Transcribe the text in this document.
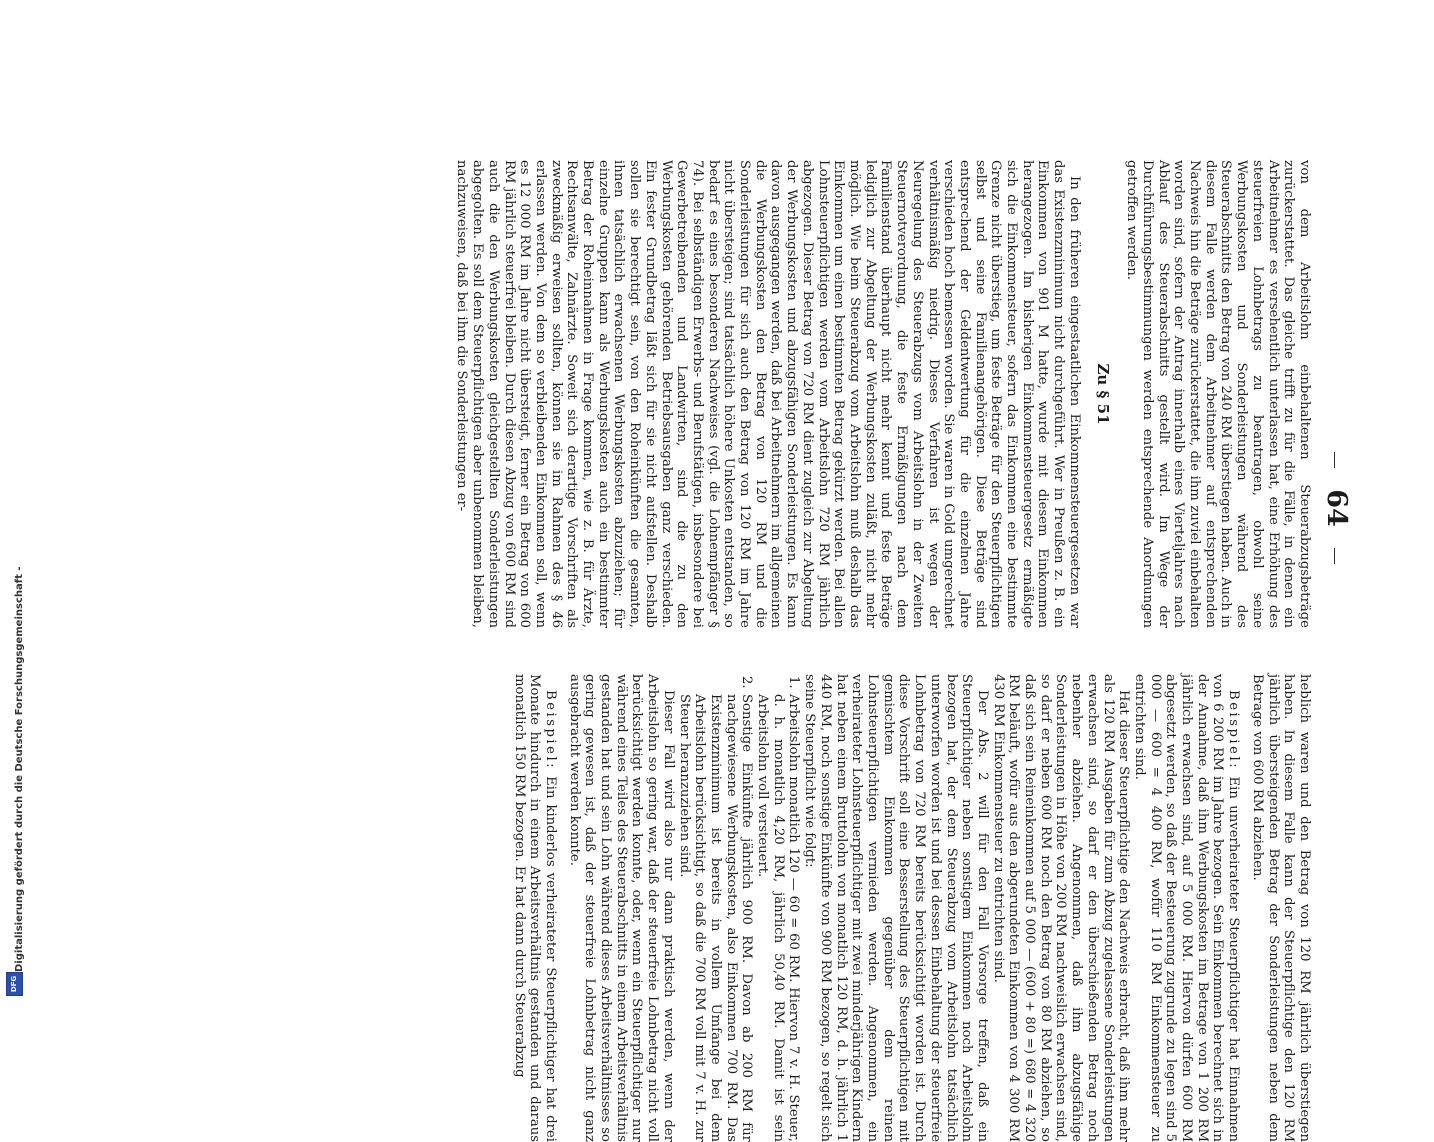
64

von dem Arbeitslohn einbehaltenen Steuerabzugsbeträge zurückerstattet. Das gleiche trifft zu für die Fälle, in denen ein Arbeitnehmer es versehentlich unterlassen hat, eine Erhöhung des steuerfreien Lohnbetrags zu beantragen, obwohl seine Werbungskosten und Sonderleistungen während des Steuerabschnitts den Betrag von 240 RM überstiegen haben. Auch in diesem Falle werden dem Arbeitnehmer auf entsprechenden Nachweis hin die Beträge zurückerstattet, die ihm zuviel einbehalten worden sind, sofern der Antrag innerhalb eines Vierteljahres nach Ablauf des Steuerabschnitts gestellt wird. Im Wege der Durchführungsbestimmungen werden entsprechende Anordnungen getroffen werden.

Zu § 51

In den früheren eingestaatlichen Einkommensteuergesetzen war das Existenzminimum nicht durchgeführt. Wer in Preußen z. B. ein Einkommen von 901 M hatte, wurde mit diesem Einkommen herangezogen. Im bisherigen Einkommensteuergesetz ermäßigte sich die Einkommensteuer, sofern das Einkommen eine bestimmte Grenze nicht überstieg, um feste Beträge für den Steuerpflichtigen selbst und seine Familienangehörigen. Diese Beträge sind entsprechend der Geldentwertung für die einzelnen Jahre verschieden hoch bemessen worden. Sie waren in Gold umgerechnet verhältnismäßig niedrig. Dieses Verfahren ist wegen der Neuregelung des Steuerabzugs vom Arbeitslohn in der Zweiten Steuernotverordnung, die feste Ermäßigungen nach dem Familienstand überhaupt nicht mehr kennt und feste Beträge lediglich zur Abgeltung der Werbungskosten zuläßt, nicht mehr möglich. Wie beim Steuerabzug vom Arbeitslohn muß deshalb das Einkommen um einen bestimmten Betrag gekürzt werden. Bei allen Lohnsteuerpflichtigen werden vom Arbeitslohn 720 RM jährlich abgezogen. Dieser Betrag von 720 RM dient zugleich zur Abgeltung der Werbungskosten und abzugsfähigen Sonderleistungen. Es kann davon ausgegangen werden, daß bei Arbeitnehmern im allgemeinen die Werbungskosten den Betrag von 120 RM und die Sonderleistungen für sich auch den Betrag von 120 RM im Jahre nicht übersteigen; sind tatsächlich höhere Unkosten entstanden, so bedarf es eines besonderen Nachweises (vgl. die Lohnempfänger § 74). Bei selbständigen Erwerbs- und Berufstätigen, insbesondere bei Gewerbetreibenden und Landwirten, sind die zu den Werbungskosten gehörenden Betriebsausgaben ganz verschieden. Ein fester Grundbetrag läßt sich für sie nicht aufstellen. Deshalb sollen sie berechtigt sein, von den Roheinkünften die gesamten, ihnen tatsächlich erwachsenen Werbungskosten abzuziehen; für einzelne Gruppen kann als Werbungskosten auch ein bestimmter Betrag der Roheinnahmen in Frage kommen, wie z. B. für Ärzte, Rechtsanwälte, Zahnärzte. Soweit sich derartige Vorschriften als zweckmäßig erweisen sollten, können sie im Rahmen des § 46 erlassen werden. Von dem so verbleibenden Einkommen soll, wenn es 12 000 RM im Jahre nicht übersteigt, ferner ein Betrag von 600 RM jährlich steuerfrei bleiben. Durch diesen Abzug von 600 RM sind auch die den Werbungskosten gleichgestellten Sonderleistungen abgegolten. Es soll dem Steuerpflichtigen aber unbenommen bleiben, nachzuweisen, daß bei ihm die Sonderleistungen er-

heblich waren und den Betrag von 120 RM jährlich überstiegen haben. In diesem Falle kann der Steuerpflichtige den 120 RM jährlich übersteigenden Betrag der Sonderleistungen neben dem Betrage von 600 RM abziehen.

Beispiel: Ein unverheirateter Steuerpflichtiger hat Einnahmen von 6 200 RM im Jahre bezogen. Sein Einkommen berechnet sich in der Annahme, daß ihm Werbungskosten im Betrage von 1 200 RM jährlich erwachsen sind, auf 5 000 RM. Hiervon dürfen 600 RM abgesetzt werden, so daß der Besteuerung zugrunde zu legen sind 5 000 — 600 = 4 400 RM, wofür 110 RM Einkommensteuer zu entrichten sind.

Hat dieser Steuerpflichtige den Nachweis erbracht, daß ihm mehr als 120 RM Ausgaben für zum Abzug zugelassene Sonderleistungen erwachsen sind, so darf er den überschießenden Betrag noch nebenher abziehen. Angenommen, daß ihm abzugsfähige Sonderleistungen in Höhe von 200 RM nachweislich erwachsen sind, so darf er neben 600 RM noch den Betrag von 80 RM abziehen, so daß sich sein Reineinkommen auf 5 000 — (600 + 80 =) 680 = 4 320 RM beläuft, wofür aus den abgerundeten Einkommen von 4 300 RM 430 RM Einkommensteuer zu entrichten sind.

Der Abs. 2 will für den Fall Vorsorge treffen, daß ein Steuerpflichtiger neben sonstigem Einkommen noch Arbeitslohn bezogen hat, der dem Steuerabzug vom Arbeitslohn tatsächlich unterworfen worden ist und bei dessen Einbehaltung der steuerfreie Lohnbetrag von 720 RM bereits berücksichtigt worden ist. Durch diese Vorschrift soll eine Besserstellung des Steuerpflichtigen mit gemischtem Einkommen gegenüber dem reinen Lohnsteuerpflichtigen vermieden werden. Angenommen, ein verheirateter Lohnsteuerpflichtiger mit zwei minderjährigen Kindern hat neben einem Bruttolohn von monatlich 120 RM, d. h. jährlich 1 440 RM, noch sonstige Einkünfte von 900 RM bezogen, so regelt sich seine Steuerpflicht wie folgt:

1.
Arbeitslohn monatlich 120 — 60 = 60 RM. Hiervon 7 v. H. Steuer, d. h. monatlich 4,20 RM, jährlich 50,40 RM. Damit ist sein Arbeitslohn voll versteuert.

2.
Sonstige Einkünfte jährlich 900 RM. Davon ab 200 RM für nachgewiesene Werbungskosten, also Einkommen 700 RM. Das Existenzminimum ist bereits in vollem Umfange bei dem Arbeitslohn berücksichtigt, so daß die 700 RM voll mit 7 v. H. zur Steuer heranzuziehen sind.

Dieser Fall wird also nur dann praktisch werden, wenn der Arbeitslohn so gering war, daß der steuerfreie Lohnbetrag nicht voll berücksichtigt werden konnte, oder, wenn ein Steuerpflichtiger nur während eines Teiles des Steuerabschnitts in einem Arbeitsverhältnis gestanden hat und sein Lohn während dieses Arbeitsverhältnisses so gering gewesen ist, daß der steuerfreie Lohnbetrag nicht ganz ausgebracht werden konnte.

Beispiel: Ein kinderlos verheirateter Steuerpflichtiger hat drei Monate hindurch in einem Arbeitsverhältnis gestanden und daraus monatlich 150 RM bezogen. Er hat dann durch Steuerabzug

Digitalisierung gefördert durch die Deutsche Forschungsgemeinschaft -
DFG
